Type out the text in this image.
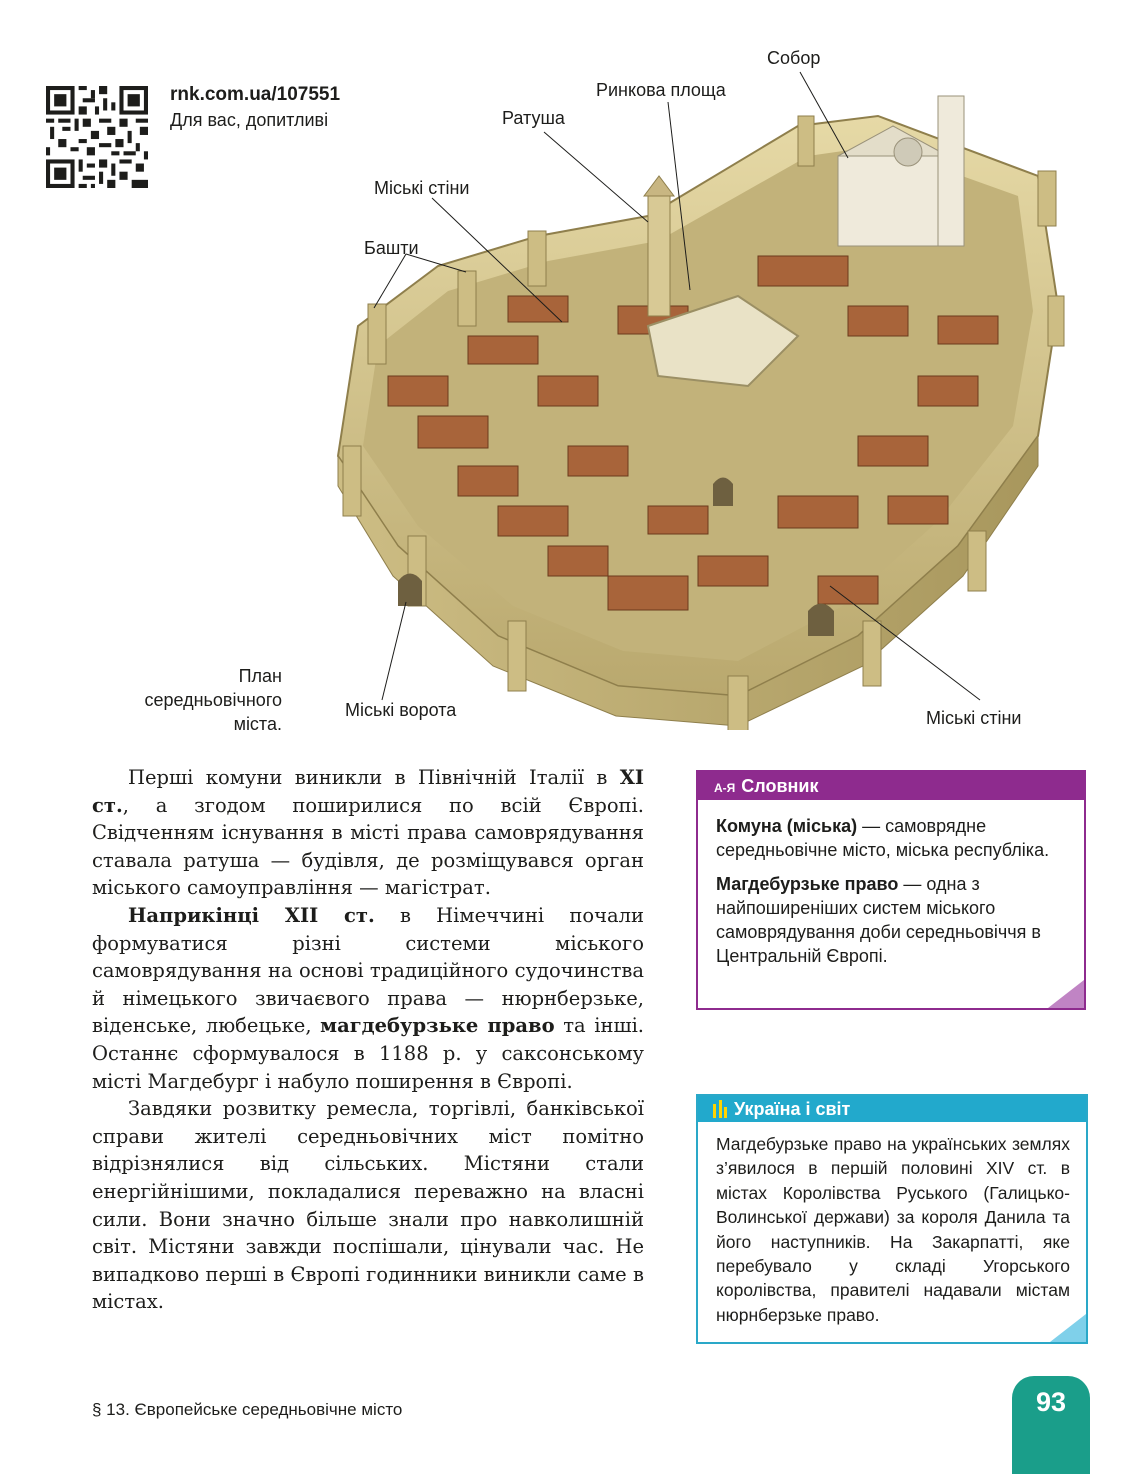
rnk.com.ua/107551
Для вас, допитливі
Собор
Ринкова площа
Ратуша
Міські стіни
Башти
Міські ворота	Міські стіни
План
середньовічного
міста.

Перші комуни виникли в Північній Італії в XI ст., а згодом поширилися по всій Європі. Свідченням існування в місті права самоврядування ставала ратуша — будівля, де розміщувався орган міського самоуправління — магістрат.

Наприкінці XII ст. в Німеччині почали формуватися різні системи міського самоврядування на основі традиційного судочинства й німецького звичаєвого права — нюрнберзьке, віденське, любецьке, магдебурзьке право та інші. Останнє сформувалося в 1188 р. у саксонському місті Магдебург і набуло поширення в Європі.

Завдяки розвитку ремесла, торгівлі, банківської справи жителі середньовічних міст помітно відрізнялися від сільських. Містяни стали енергійнішими, покладалися переважно на власні сили. Вони значно більше знали про навколишній світ. Містяни завжди поспішали, цінували час. Не випадково перші в Європі годинники виникли саме в містах.

А-Я Словник

Комуна (міська) — самоврядне середньовічне місто, міська республіка.

Магдебурзьке право — одна з найпоширеніших систем міського самоврядування доби середньовіччя в Центральній Європі.

Україна і світ
Магдебурзьке право на українських землях з’явилося в першій половині XIV ст. в містах Королівства Руського (Галицько-Волинської держави) за короля Данила та його наступників. На Закарпатті, яке перебувало у складі Угорського королівства, правителі надавали містам нюрнберзьке право.
§ 13. Європейське середньовічне місто	93
